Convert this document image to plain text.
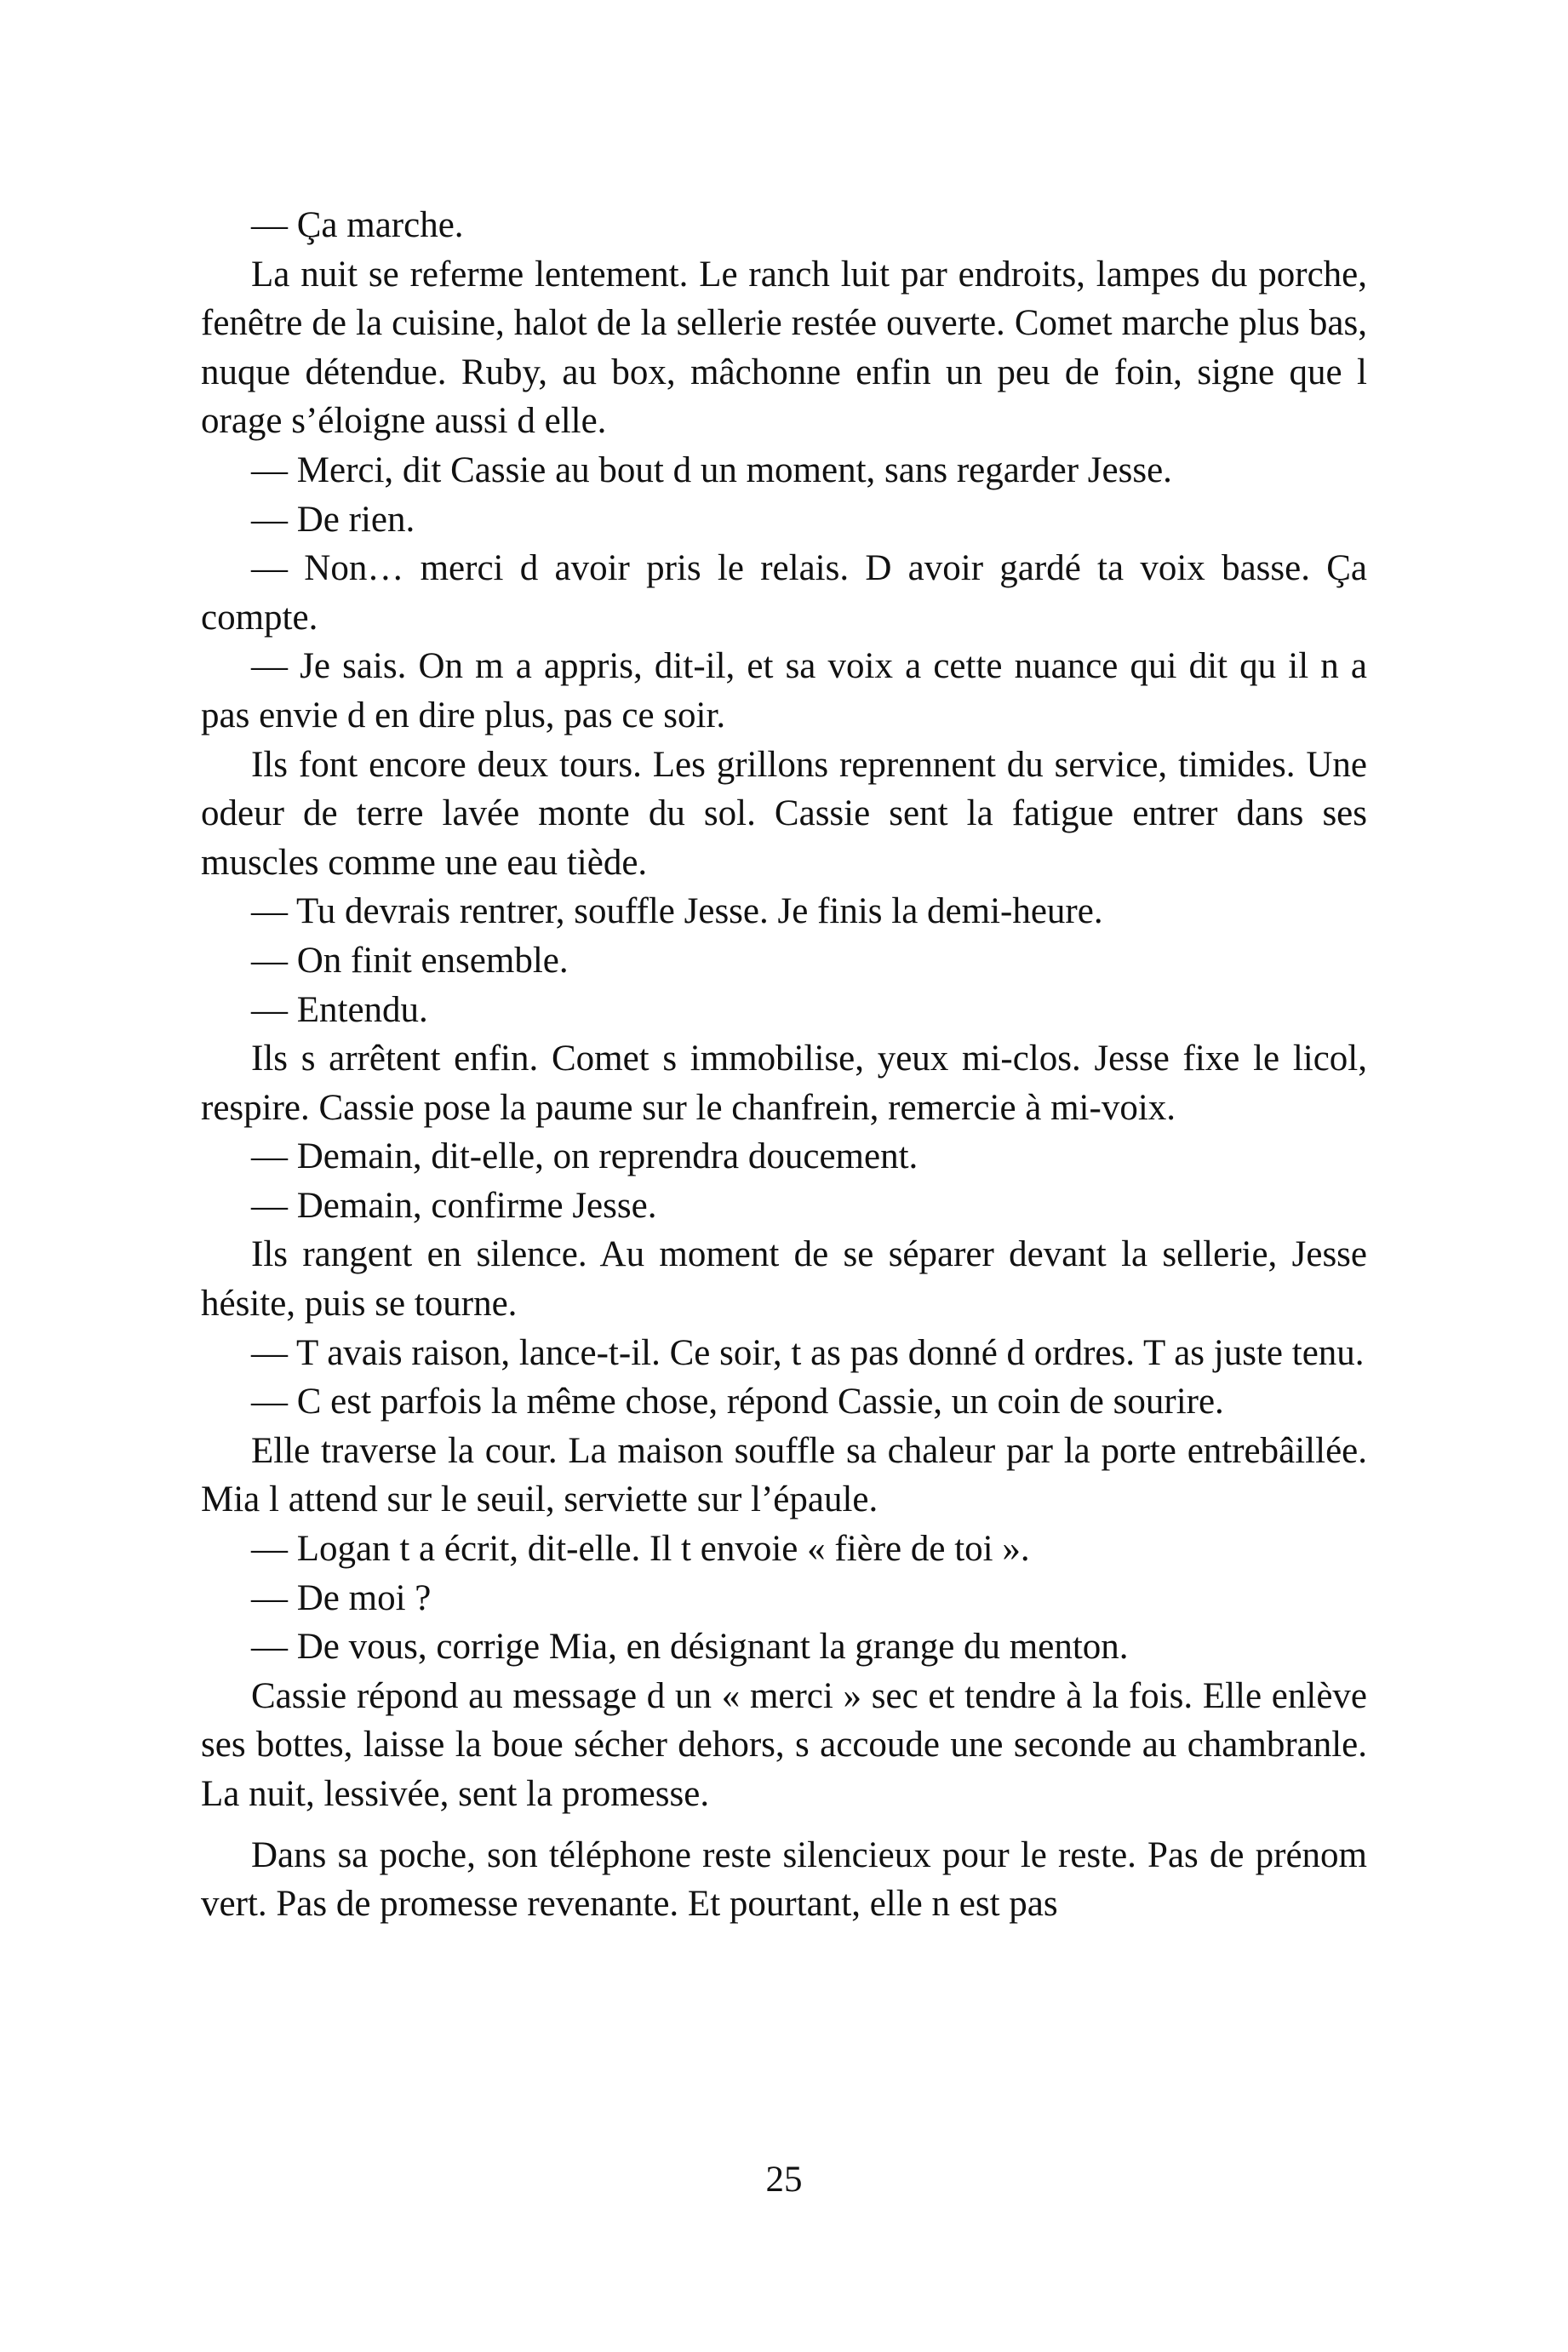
— Ça marche.

La nuit se referme lentement. Le ranch luit par endroits, lampes du porche, fenêtre de la cuisine, halot de la sellerie restée ouverte. Comet marche plus bas, nuque détendue. Ruby, au box, mâchonne enfin un peu de foin, signe que l orage s’éloigne aussi d elle.

— Merci, dit Cassie au bout d un moment, sans regarder Jesse.

— De rien.

— Non… merci d avoir pris le relais. D avoir gardé ta voix basse. Ça compte.

— Je sais. On m a appris, dit-il, et sa voix a cette nuance qui dit qu il n a pas envie d en dire plus, pas ce soir.

Ils font encore deux tours. Les grillons reprennent du service, timides. Une odeur de terre lavée monte du sol. Cassie sent la fatigue entrer dans ses muscles comme une eau tiède.

— Tu devrais rentrer, souffle Jesse. Je finis la demi-heure.

— On finit ensemble.

— Entendu.

Ils s arrêtent enfin. Comet s immobilise, yeux mi-clos. Jesse fixe le licol, respire. Cassie pose la paume sur le chanfrein, remercie à mi-voix.

— Demain, dit-elle, on reprendra doucement.

— Demain, confirme Jesse.

Ils rangent en silence. Au moment de se séparer devant la sellerie, Jesse hésite, puis se tourne.

— T avais raison, lance-t-il. Ce soir, t as pas donné d ordres. T as juste tenu.

— C est parfois la même chose, répond Cassie, un coin de sourire.

Elle traverse la cour. La maison souffle sa chaleur par la porte entrebâillée. Mia l attend sur le seuil, serviette sur l’épaule.

— Logan t a écrit, dit-elle. Il t envoie « fière de toi ».

— De moi ?

— De vous, corrige Mia, en désignant la grange du menton.

Cassie répond au message d un « merci » sec et tendre à la fois. Elle enlève ses bottes, laisse la boue sécher dehors, s accoude une seconde au chambranle. La nuit, lessivée, sent la promesse.

Dans sa poche, son téléphone reste silencieux pour le reste. Pas de prénom vert. Pas de promesse revenante. Et pourtant, elle n est pas

25
